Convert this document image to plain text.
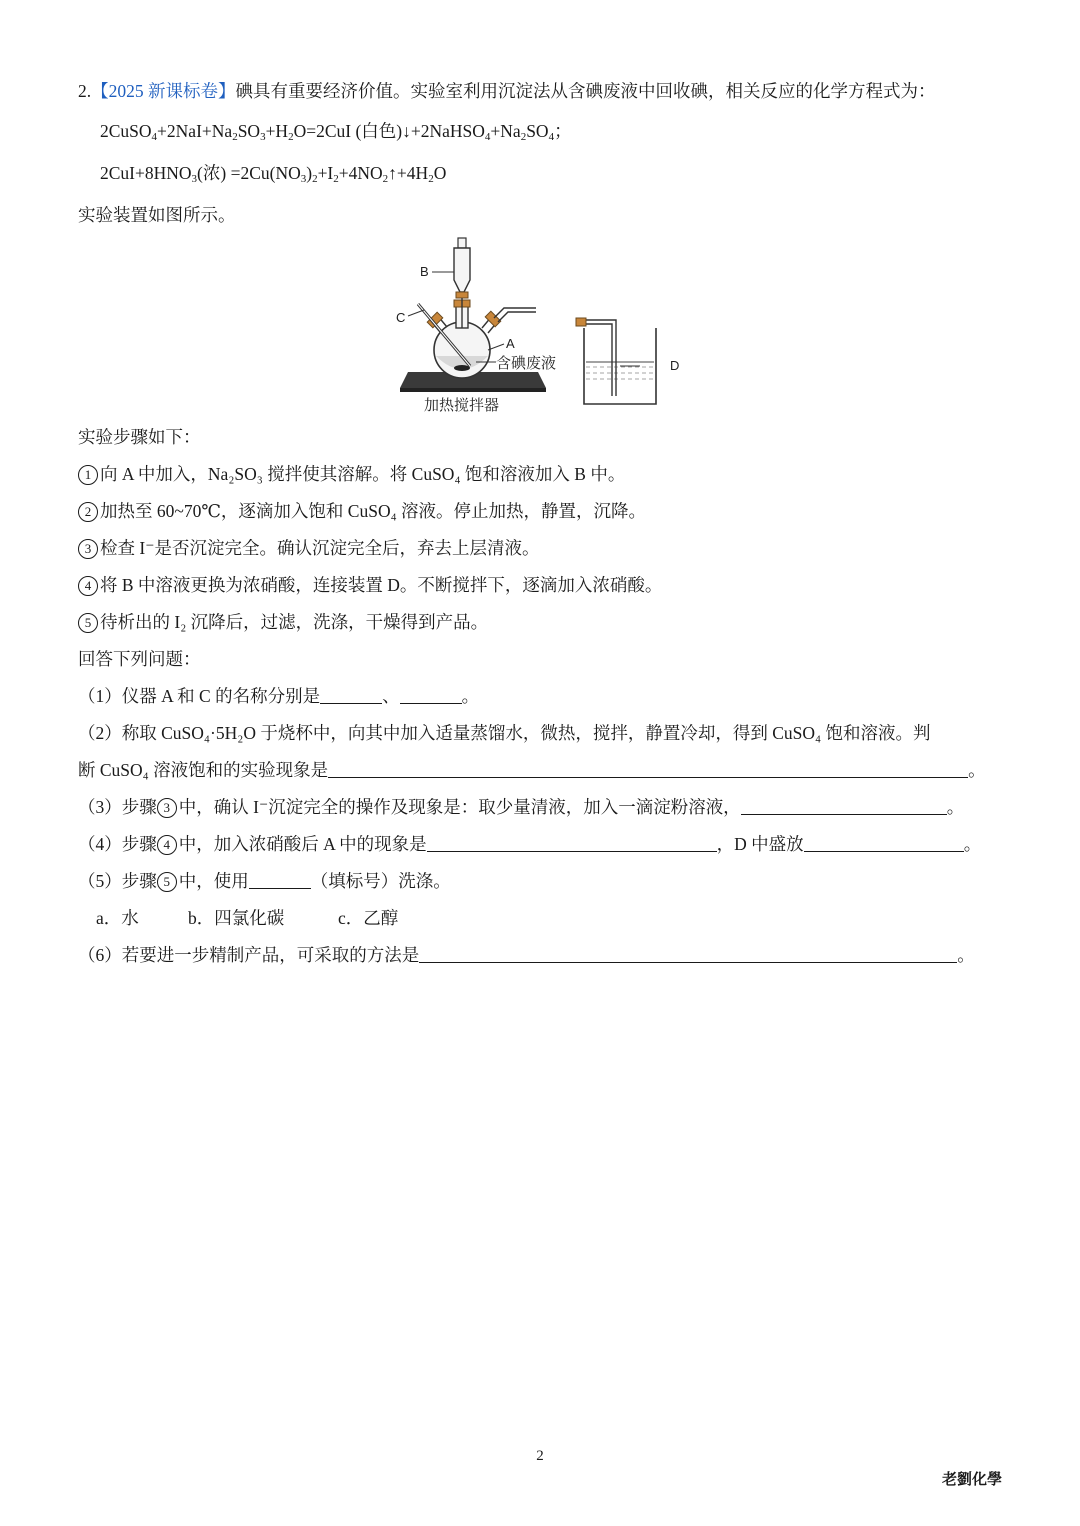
2.【2025 新课标卷】碘具有重要经济价值。实验室利用沉淀法从含碘废液中回收碘，相关反应的化学方程式为：
$2CuSO_4+2NaI+Na_2SO_3+H_2O=2CuI$ (白色)$↓+2NaHSO_4+Na_2SO_4$；
$2CuI+8HNO_3$(浓) $=2Cu(NO_3)_2+I_2+4NO_2↑+4H_2O$
实验装置如图所示。
B
C
A
含碘废液	D
加热搅拌器
实验步骤如下：
1 向 A 中加入，Na₂SO₃ 搅拌使其溶解。将 CuSO₄ 饱和溶液加入 B 中。
2 加热至 60~70℃，逐滴加入饱和 CuSO₄ 溶液。停止加热，静置，沉降。
3 检查 I⁻是否沉淀完全。确认沉淀完全后，弃去上层清液。
4 将 B 中溶液更换为浓硝酸，连接装置 D。不断搅拌下，逐滴加入浓硝酸。
5 待析出的 I₂ 沉降后，过滤，洗涤，干燥得到产品。
回答下列问题：
（1）仪器 A 和 C 的名称分别是	、	。
（2）称取 CuSO₄·5H₂O 于烧杯中，向其中加入适量蒸馏水，微热，搅拌，静置冷却，得到 CuSO₄ 饱和溶液。判
断 CuSO₄ 溶液饱和的实验现象是	。
（3）步骤 3 中，确认 I⁻沉淀完全的操作及现象是：取少量清液，加入一滴淀粉溶液，	。
（4）步骤 4 中，加入浓硝酸后 A 中的现象是	，D 中盛放	。
（5）步骤 5 中，使用	（填标号）洗涤。
a．水	b．四氯化碳	c．乙醇
（6）若要进一步精制产品，可采取的方法是	。
2
老劉化學
